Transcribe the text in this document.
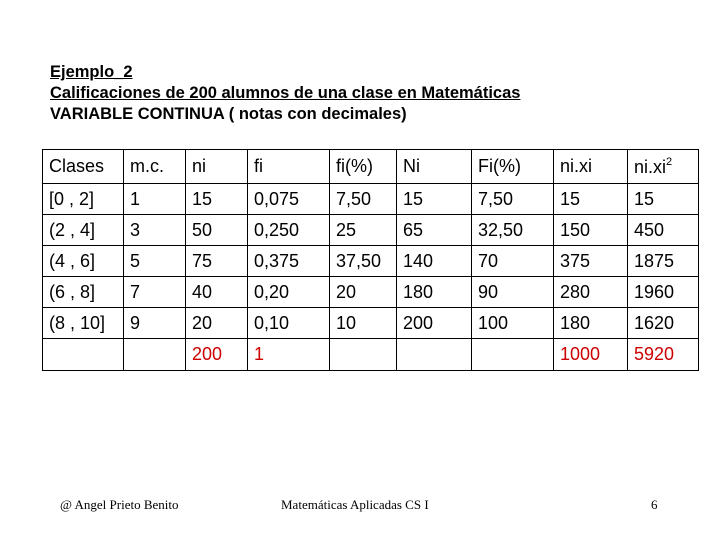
Ejemplo_2
Calificaciones de 200 alumnos de una clase en Matemáticas
VARIABLE CONTINUA ( notas con decimales)
Clases	m.c.	ni	fi	fi(%)	Ni	Fi(%)	ni.xi	$ni.xi^2$
[0 , 2]	1	15	0,075	7,50	15	7,50	15	15
(2 , 4]	3	50	0,250	25	65	32,50	150	450
(4 , 6]	5	75	0,375	37,50	140	70	375	1875
(6 , 8]	7	40	0,20	20	180	90	280	1960
(8 , 10]	9	20	0,10	10	200	100	180	1620
		200	1				1000	5920
@ Angel Prieto Benito	Matemáticas Aplicadas CS I	6
